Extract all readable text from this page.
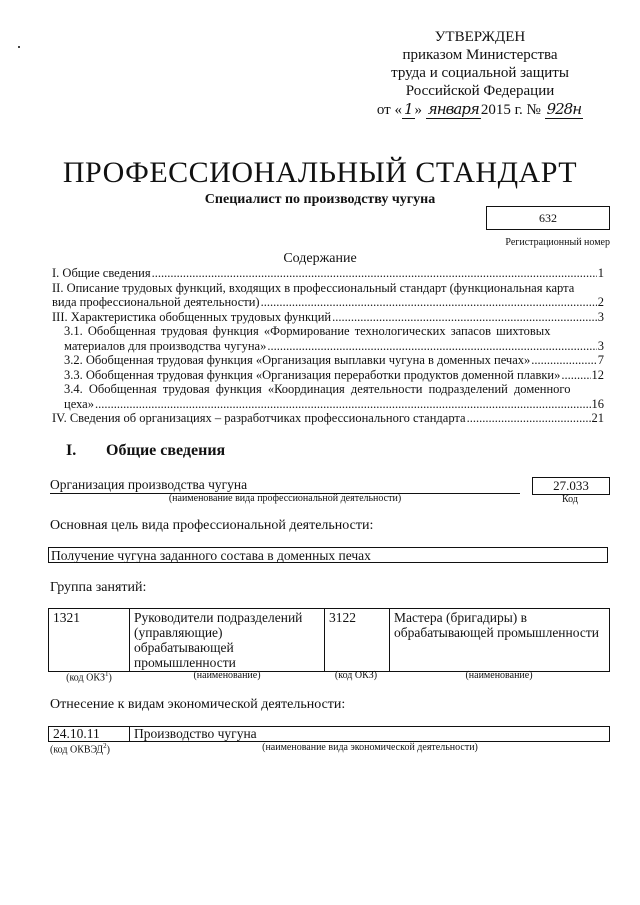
УТВЕРЖДЕН
приказом Министерства
труда и социальной защиты
Российской Федерации
от « 1 » января 2015 г. № 928н
ПРОФЕССИОНАЛЬНЫЙ СТАНДАРТ
Специалист по производству чугуна
632
Регистрационный номер
Содержание
I. Общие сведения .....	1
II. Описание трудовых функций, входящих в профессиональный стандарт (функциональная карта
вида профессиональной деятельности) .....	2
III. Характеристика обобщенных трудовых функций .....	3
3.1. Обобщенная трудовая функция «Формирование технологических запасов шихтовых
материалов для производства чугуна» .....	3
3.2. Обобщенная трудовая функция «Организация выплавки чугуна в доменных печах» .....	7
3.3. Обобщенная трудовая функция «Организация переработки продуктов доменной плавки» ..... 12
3.4. Обобщенная трудовая функция «Координация деятельности подразделений доменного
цеха» .....	16
IV. Сведения об организациях – разработчиках профессионального стандарта .....	21
I. Общие сведения
Организация производства чугуна
(наименование вида профессиональной деятельности)
27.033
Код
Основная цель вида профессиональной деятельности:
Получение чугуна заданного состава в доменных печах
Группа занятий:
1321	Руководители подразделений (управляющие) обрабатывающей промышленности	3122	Мастера (бригадиры) в обрабатывающей промышленности
(код ОКЗ$^1$)	(наименование)	(код ОКЗ)	(наименование)
Отнесение к видам экономической деятельности:
24.10.11	Производство чугуна
(код ОКВЭД$^2$)	(наименование вида экономической деятельности)
